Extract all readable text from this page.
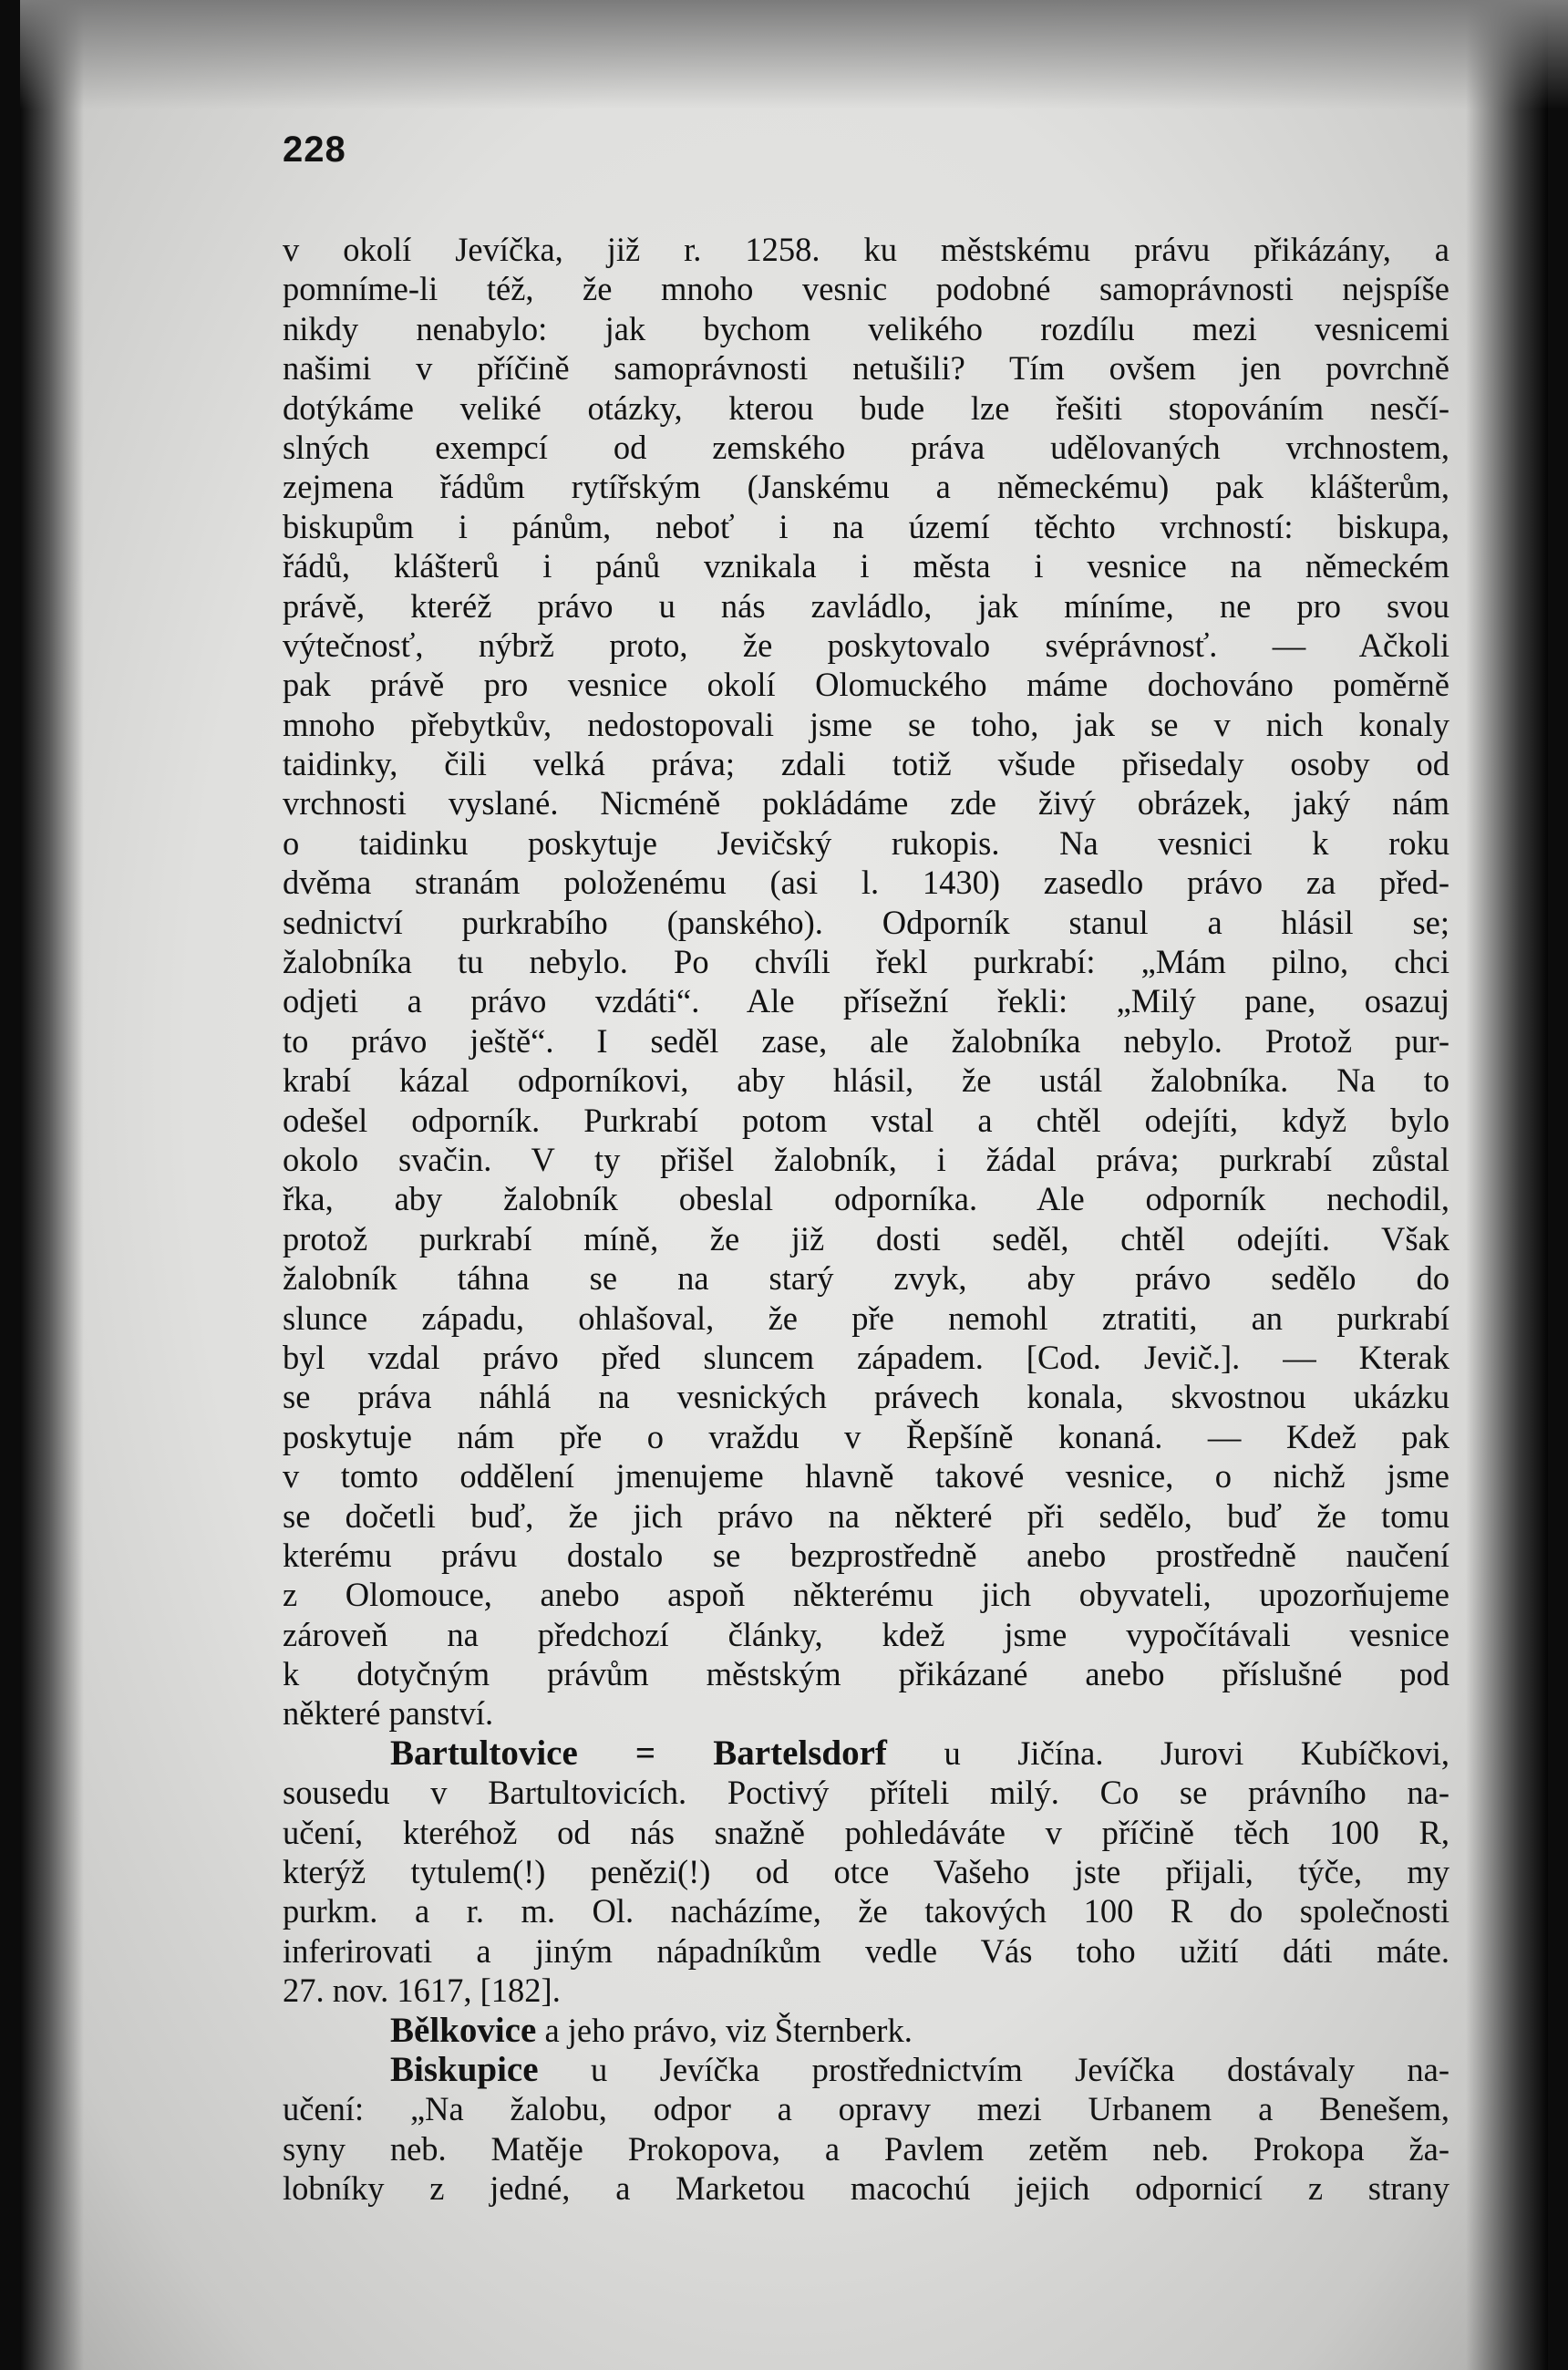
228
v okolí Jevíčka, již r. 1258. ku městskému právu přikázány, a
pomníme-li též, že mnoho vesnic podobné samoprávnosti nejspíše
nikdy nenabylo: jak bychom velikého rozdílu mezi vesnicemi
našimi v příčině samoprávnosti netušili? Tím ovšem jen povrchně
dotýkáme veliké otázky, kterou bude lze řešiti stopováním nesčí-
slných exempcí od zemského práva udělovaných vrchnostem,
zejmena řádům rytířským (Janskému a německému) pak klášterům,
biskupům i pánům, neboť i na území těchto vrchností: biskupa,
řádů, klášterů i pánů vznikala i města i vesnice na německém
právě, kteréž právo u nás zavládlo, jak míníme, ne pro svou
výtečnosť, nýbrž proto, že poskytovalo svéprávnosť. — Ačkoli
pak právě pro vesnice okolí Olomuckého máme dochováno poměrně
mnoho přebytkův, nedostopovali jsme se toho, jak se v nich konaly
taidinky, čili velká práva; zdali totiž všude přisedaly osoby od
vrchnosti vyslané. Nicméně pokládáme zde živý obrázek, jaký nám
o taidinku poskytuje Jevičský rukopis. Na vesnici k roku
dvěma stranám položenému (asi l. 1430) zasedlo právo za před-
sednictví purkrabího (panského). Odporník stanul a hlásil se;
žalobníka tu nebylo. Po chvíli řekl purkrabí: „Mám pilno, chci
odjeti a právo vzdáti“. Ale přísežní řekli: „Milý pane, osazuj
to právo ještě“. I seděl zase, ale žalobníka nebylo. Protož pur-
krabí kázal odporníkovi, aby hlásil, že ustál žalobníka. Na to
odešel odporník. Purkrabí potom vstal a chtěl odejíti, když bylo
okolo svačin. V ty přišel žalobník, i žádal práva; purkrabí zůstal
řka, aby žalobník obeslal odporníka. Ale odporník nechodil,
protož purkrabí míně, že již dosti seděl, chtěl odejíti. Však
žalobník táhna se na starý zvyk, aby právo sedělo do
slunce západu, ohlašoval, že pře nemohl ztratiti, an purkrabí
byl vzdal právo před sluncem západem. [Cod. Jevič.]. — Kterak
se práva náhlá na vesnických právech konala, skvostnou ukázku
poskytuje nám pře o vraždu v Řepšíně konaná. — Kdež pak
v tomto oddělení jmenujeme hlavně takové vesnice, o nichž jsme
se dočetli buď, že jich právo na některé při sedělo, buď že tomu
kterému právu dostalo se bezprostředně anebo prostředně naučení
z Olomouce, anebo aspoň některému jich obyvateli, upozorňujeme
zároveň na předchozí články, kdež jsme vypočítávali vesnice
k dotyčným právům městským přikázané anebo příslušné pod
některé panství.
Bartultovice = Bartelsdorf u Jičína. Jurovi Kubíčkovi,
sousedu v Bartultovicích. Poctivý příteli milý. Co se právního na-
učení, kteréhož od nás snažně pohledáváte v příčině těch 100 R,
kterýž tytulem(!) penězi(!) od otce Vašeho jste přijali, týče, my
purkm. a r. m. Ol. nacházíme, že takových 100 R do společnosti
inferirovati a jiným nápadníkům vedle Vás toho užití dáti máte.
27. nov. 1617, [182].
Bělkovice a jeho právo, viz Šternberk.
Biskupice u Jevíčka prostřednictvím Jevíčka dostávaly na-
učení: „Na žalobu, odpor a opravy mezi Urbanem a Benešem,
syny neb. Matěje Prokopova, a Pavlem zetěm neb. Prokopa ža-
lobníky z jedné, a Marketou macochú jejich odpornicí z strany
